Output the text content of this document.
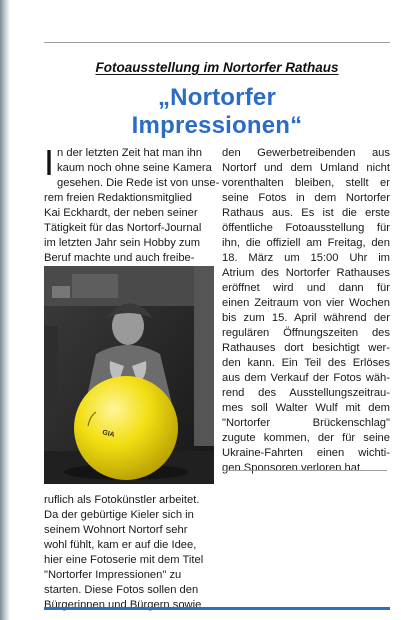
Fotoausstellung im Nortorfer Rathaus
„Nortorfer
Impressionen“
I n der letzten Zeit hat man ihn
kaum noch ohne seine Kamera
gesehen. Die Rede ist von unse-
rem freien Redaktionsmitglied
Kai Eckhardt, der neben seiner
Tätigkeit für das Nortorf-Journal
im letzten Jahr sein Hobby zum
Beruf machte und auch freibe-
GIA
ruflich als Fotokünstler arbeitet.
Da der gebürtige Kieler sich in
seinem Wohnort Nortorf sehr
wohl fühlt, kam er auf die Idee,
hier eine Fotoserie mit dem Titel
"Nortorfer Impressionen" zu
starten. Diese Fotos sollen den
Bürgerinnen und Bürgern sowie
den Gewerbetreibenden aus
Nortorf und dem Umland nicht
vorenthalten bleiben, stellt er
seine Fotos in dem Nortorfer
Rathaus aus. Es ist die erste
öffentliche Fotoausstellung für
ihn, die offiziell am Freitag, den
18. März um 15:00 Uhr im
Atrium des Nortorfer Rathauses
eröffnet wird und dann für
einen Zeitraum von vier Wochen
bis zum 15. April während der
regulären Öffnungszeiten des
Rathauses dort besichtigt wer-
den kann. Ein Teil des Erlöses
aus dem Verkauf der Fotos wäh-
rend des Ausstellungszeitrau-
mes soll Walter Wulf mit dem
"Nortorfer Brückenschlag"
zugute kommen, der für seine
Ukraine-Fahrten einen wichti-
gen Sponsoren verloren hat.
